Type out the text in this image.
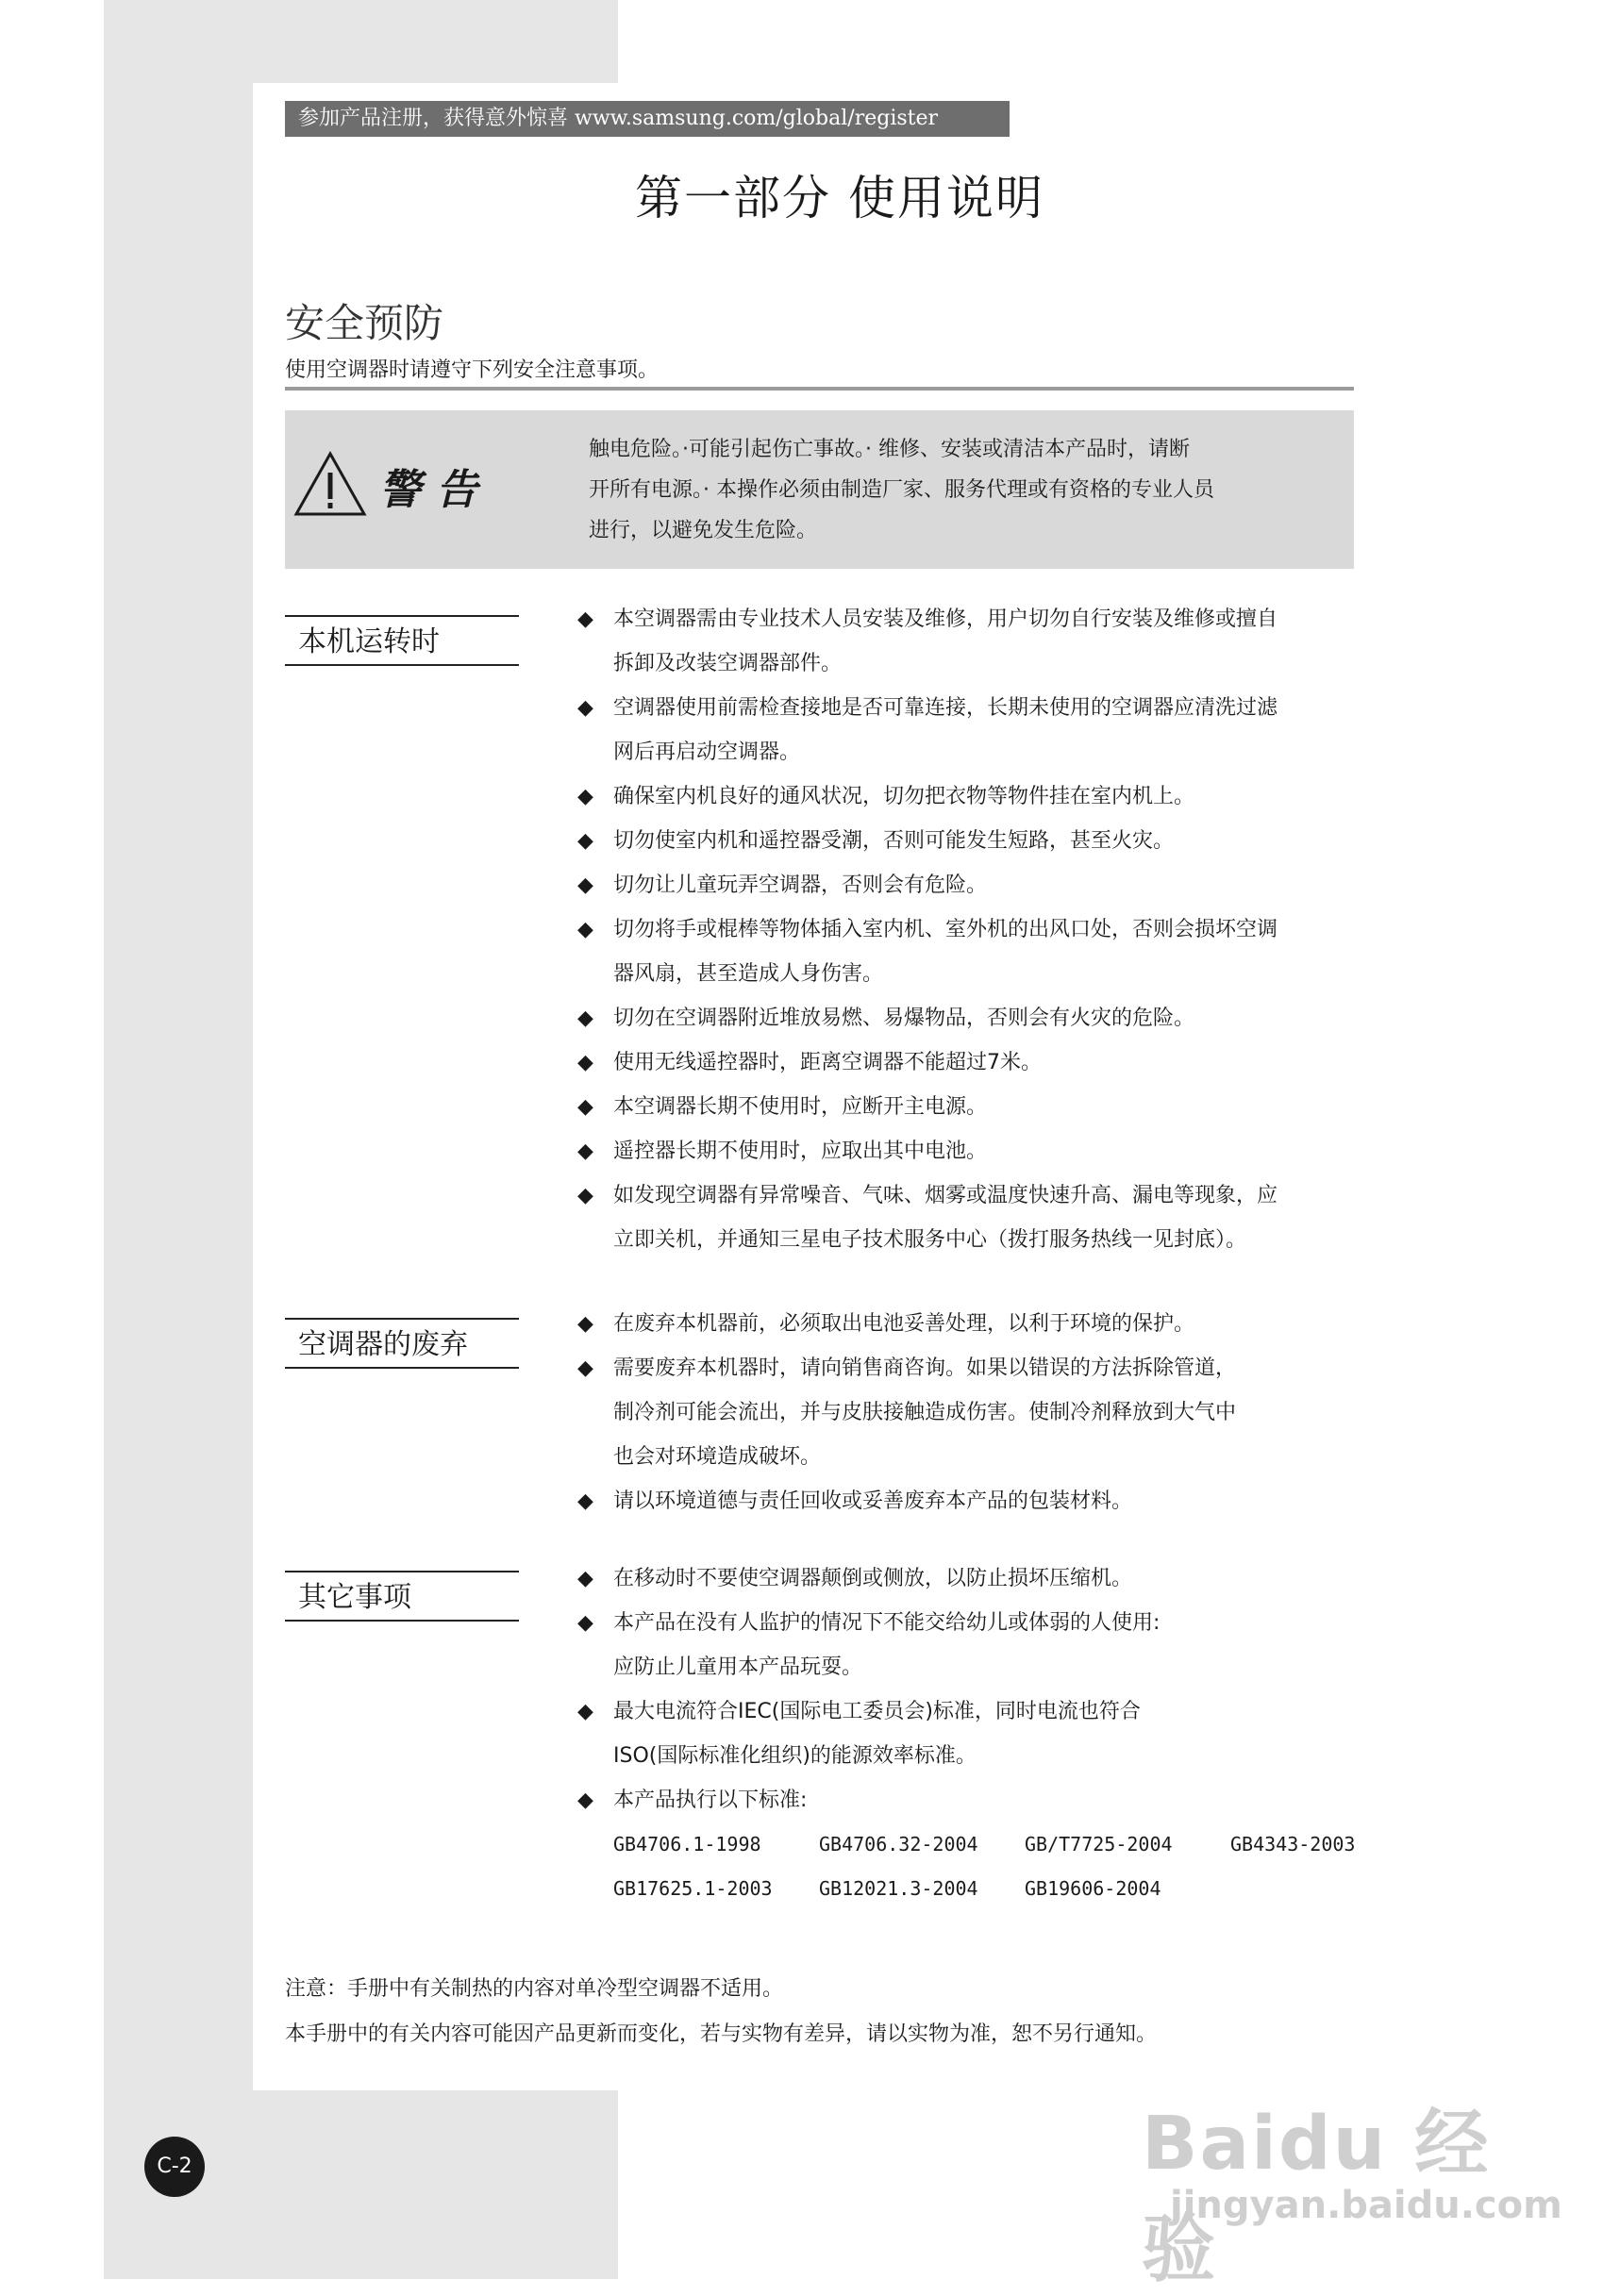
参加产品注册，获得意外惊喜 www.samsung.com/global/register
第一部分 使用说明
安全预防
使用空调器时请遵守下列安全注意事项。
警告
触电危险。·可能引起伤亡事故。· 维修、安装或清洁本产品时，请断
开所有电源。· 本操作必须由制造厂家、服务代理或有资格的专业人员
进行，以避免发生危险。
本机运转时
◆ 本空调器需由专业技术人员安装及维修，用户切勿自行安装及维修或擅自
拆卸及改装空调器部件。
◆ 空调器使用前需检查接地是否可靠连接，长期未使用的空调器应清洗过滤
网后再启动空调器。
◆ 确保室内机良好的通风状况，切勿把衣物等物件挂在室内机上。
◆ 切勿使室内机和遥控器受潮，否则可能发生短路，甚至火灾。
◆ 切勿让儿童玩弄空调器，否则会有危险。
◆ 切勿将手或棍棒等物体插入室内机、室外机的出风口处，否则会损坏空调
器风扇，甚至造成人身伤害。
◆ 切勿在空调器附近堆放易燃、易爆物品，否则会有火灾的危险。
◆ 使用无线遥控器时，距离空调器不能超过7米。
◆ 本空调器长期不使用时，应断开主电源。
◆ 遥控器长期不使用时，应取出其中电池。
◆ 如发现空调器有异常噪音、气味、烟雾或温度快速升高、漏电等现象，应
立即关机，并通知三星电子技术服务中心（拨打服务热线一见封底）。
空调器的废弃
◆ 在废弃本机器前，必须取出电池妥善处理，以利于环境的保护。
◆ 需要废弃本机器时，请向销售商咨询。如果以错误的方法拆除管道，
制冷剂可能会流出，并与皮肤接触造成伤害。使制冷剂释放到大气中
也会对环境造成破坏。
◆ 请以环境道德与责任回收或妥善废弃本产品的包装材料。
其它事项
◆ 在移动时不要使空调器颠倒或侧放，以防止损坏压缩机。
◆ 本产品在没有人监护的情况下不能交给幼儿或体弱的人使用:
应防止儿童用本产品玩耍。
◆ 最大电流符合IEC(国际电工委员会)标准，同时电流也符合
ISO(国际标准化组织)的能源效率标准。
◆ 本产品执行以下标准:
GB4706.1-1998	GB4706.32-2004	GB/T7725-2004	GB4343-2003
GB17625.1-2003	GB12021.3-2004	GB19606-2004
注意：手册中有关制热的内容对单冷型空调器不适用。
本手册中的有关内容可能因产品更新而变化，若与实物有差异，请以实物为准，恕不另行通知。
C-2	Baidu 经验
jingyan.baidu.com
